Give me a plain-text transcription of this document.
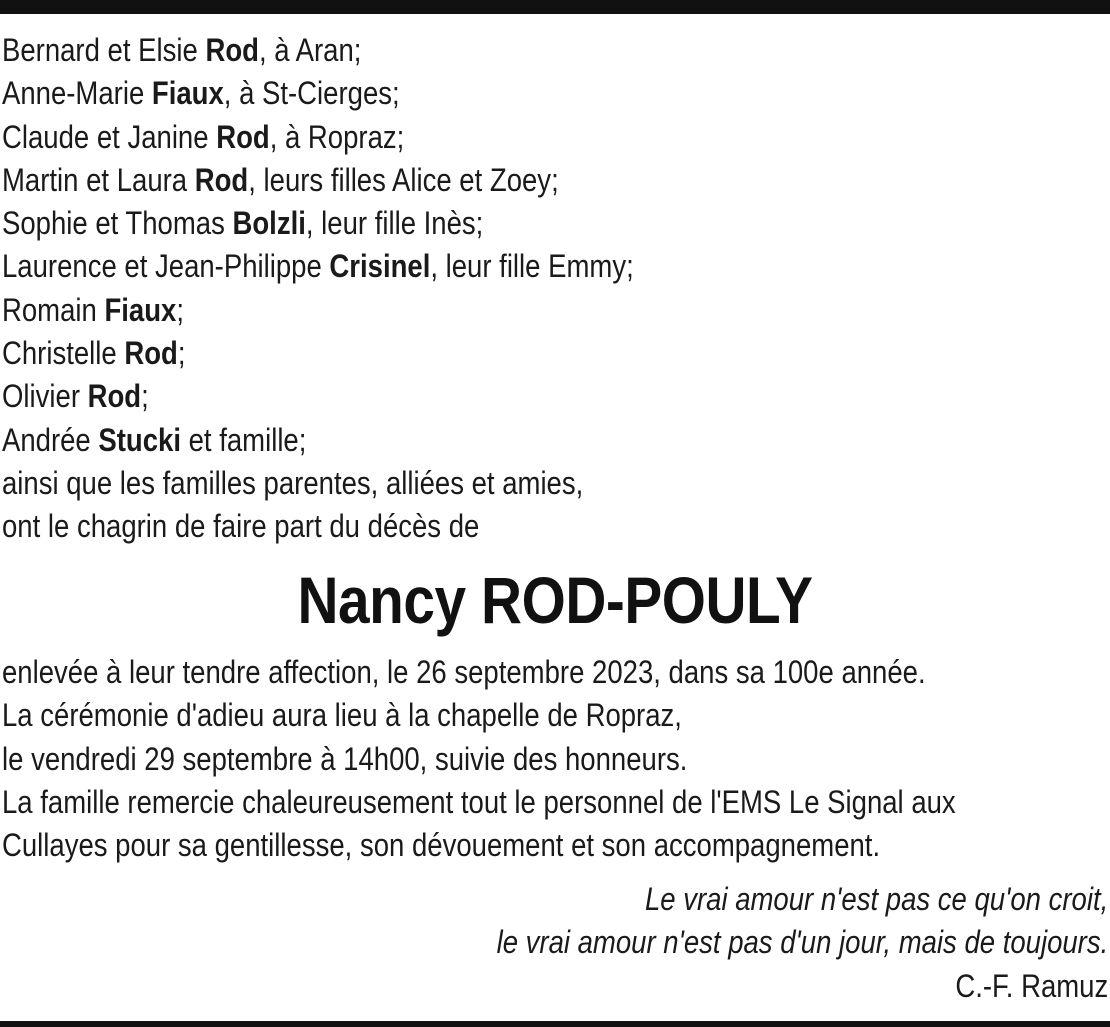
Bernard et Elsie Rod, à Aran;
Anne-Marie Fiaux, à St-Cierges;
Claude et Janine Rod, à Ropraz;
Martin et Laura Rod, leurs filles Alice et Zoey;
Sophie et Thomas Bolzli, leur fille Inès;
Laurence et Jean-Philippe Crisinel, leur fille Emmy;
Romain Fiaux;
Christelle Rod;
Olivier Rod;
Andrée Stucki et famille;
ainsi que les familles parentes, alliées et amies,
ont le chagrin de faire part du décès de
Nancy ROD-POULY
enlevée à leur tendre affection, le 26 septembre 2023, dans sa 100e année.
La cérémonie d'adieu aura lieu à la chapelle de Ropraz,
le vendredi 29 septembre à 14h00, suivie des honneurs.
La famille remercie chaleureusement tout le personnel de l'EMS Le Signal aux
Cullayes pour sa gentillesse, son dévouement et son accompagnement.
Le vrai amour n'est pas ce qu'on croit,
le vrai amour n'est pas d'un jour, mais de toujours.
C.-F. Ramuz
